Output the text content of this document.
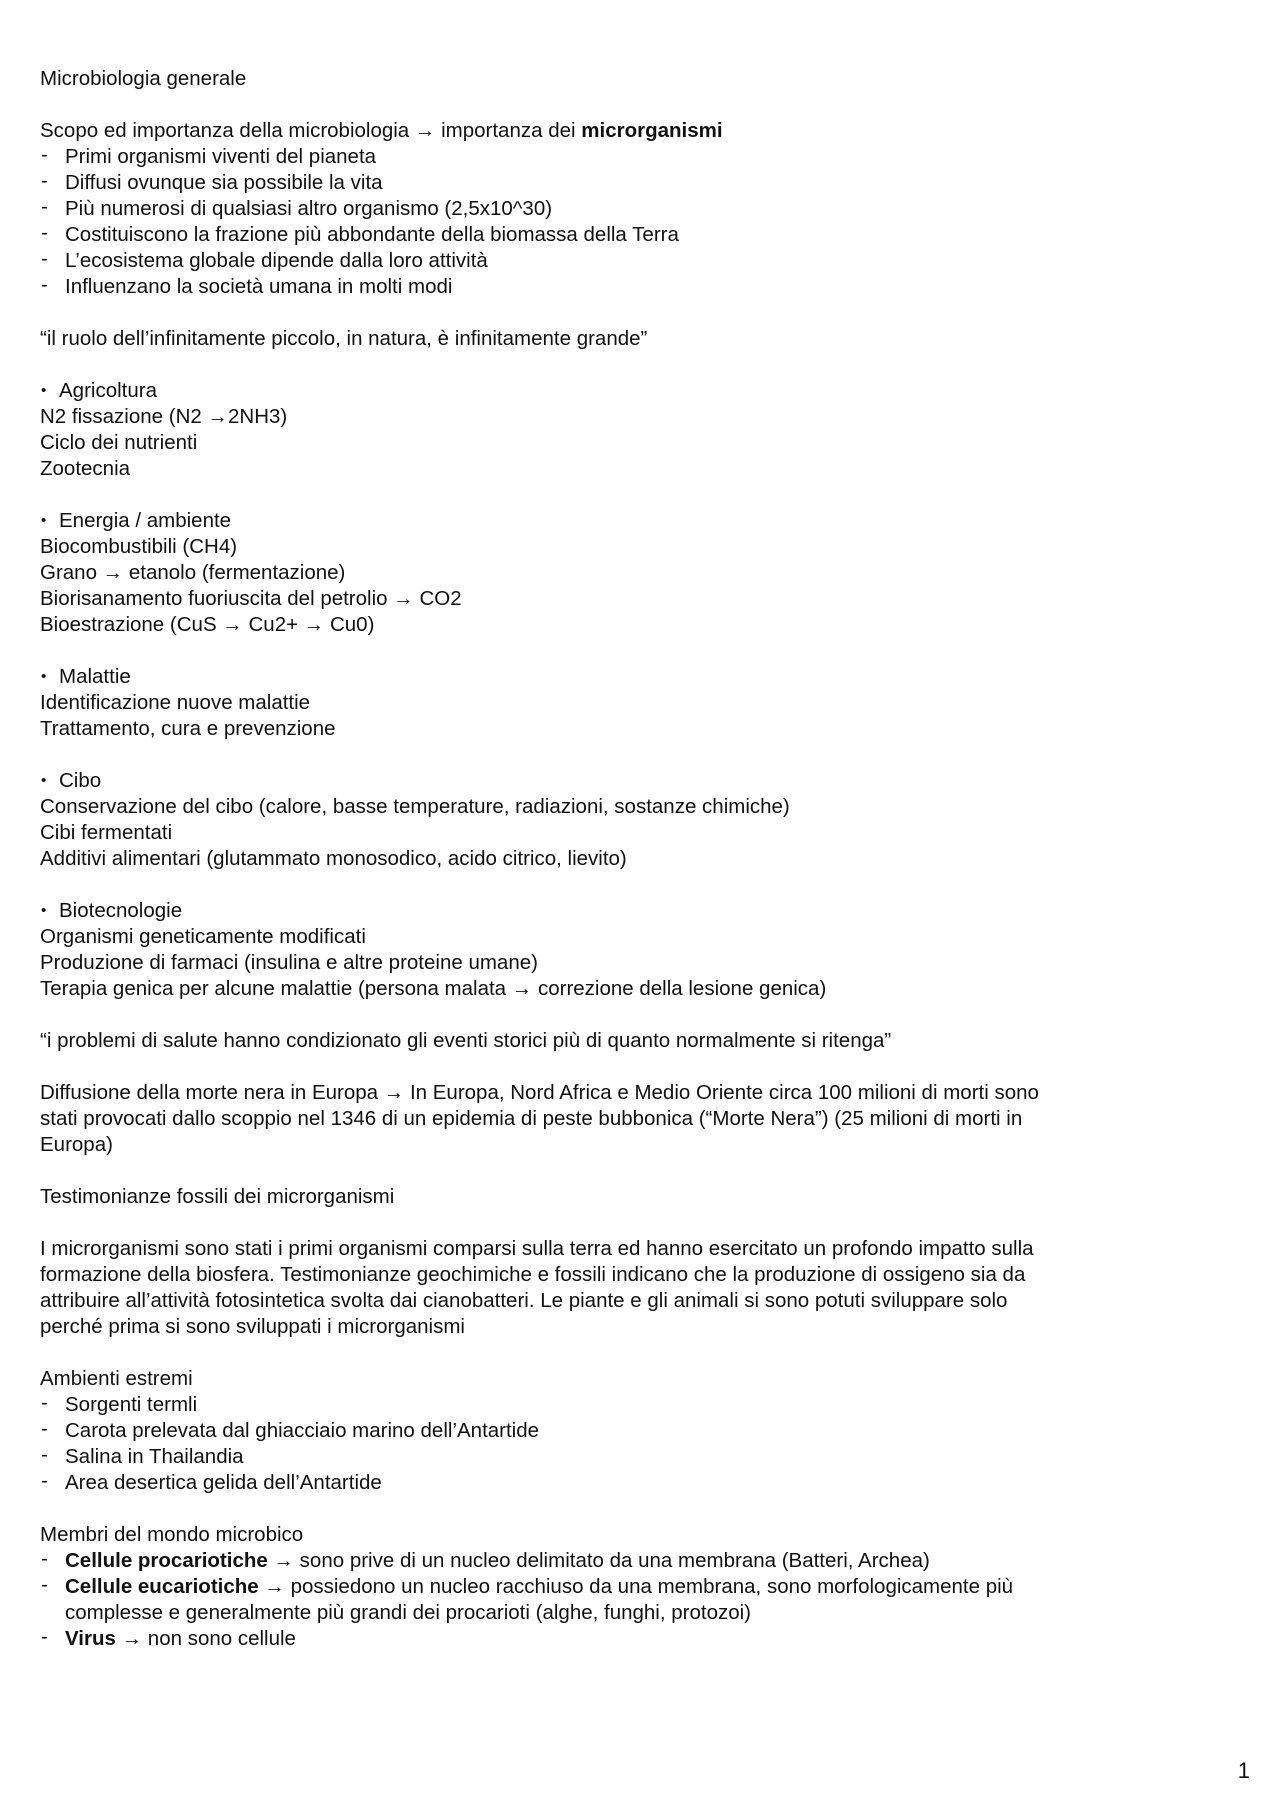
Microbiologia generale

Scopo ed importanza della microbiologia → importanza dei microrganismi

- Primi organismi viventi del pianeta

- Diffusi ovunque sia possibile la vita

- Più numerosi di qualsiasi altro organismo (2,5x10^30)

- Costituiscono la frazione più abbondante della biomassa della Terra

- L’ecosistema globale dipende dalla loro attività

- Influenzano la società umana in molti modi

“il ruolo dell’infinitamente piccolo, in natura, è infinitamente grande”

• Agricoltura

N2 fissazione (N2 →2NH3)

Ciclo dei nutrienti

Zootecnia

• Energia / ambiente

Biocombustibili (CH4)

Grano → etanolo (fermentazione)

Biorisanamento fuoriuscita del petrolio → CO2

Bioestrazione (CuS → Cu2+ → Cu0)

• Malattie

Identificazione nuove malattie

Trattamento, cura e prevenzione

• Cibo

Conservazione del cibo (calore, basse temperature, radiazioni, sostanze chimiche)

Cibi fermentati

Additivi alimentari (glutammato monosodico, acido citrico, lievito)

• Biotecnologie

Organismi geneticamente modificati

Produzione di farmaci (insulina e altre proteine umane)

Terapia genica per alcune malattie (persona malata → correzione della lesione genica)

“i problemi di salute hanno condizionato gli eventi storici più di quanto normalmente si ritenga”

Diffusione della morte nera in Europa → In Europa, Nord Africa e Medio Oriente circa 100 milioni di morti sono

stati provocati dallo scoppio nel 1346 di un epidemia di peste bubbonica (“Morte Nera”) (25 milioni di morti in

Europa)

Testimonianze fossili dei microrganismi

I microrganismi sono stati i primi organismi comparsi sulla terra ed hanno esercitato un profondo impatto sulla

formazione della biosfera. Testimonianze geochimiche e fossili indicano che la produzione di ossigeno sia da

attribuire all’attività fotosintetica svolta dai cianobatteri. Le piante e gli animali si sono potuti sviluppare solo

perché prima si sono sviluppati i microrganismi

Ambienti estremi

- Sorgenti termli

- Carota prelevata dal ghiacciaio marino dell’Antartide

- Salina in Thailandia

- Area desertica gelida dell’Antartide

Membri del mondo microbico

- Cellule procariotiche → sono prive di un nucleo delimitato da una membrana (Batteri, Archea)

- Cellule eucariotiche → possiedono un nucleo racchiuso da una membrana, sono morfologicamente più
complesse e generalmente più grandi dei procarioti (alghe, funghi, protozoi)

- Virus → non sono cellule

1
